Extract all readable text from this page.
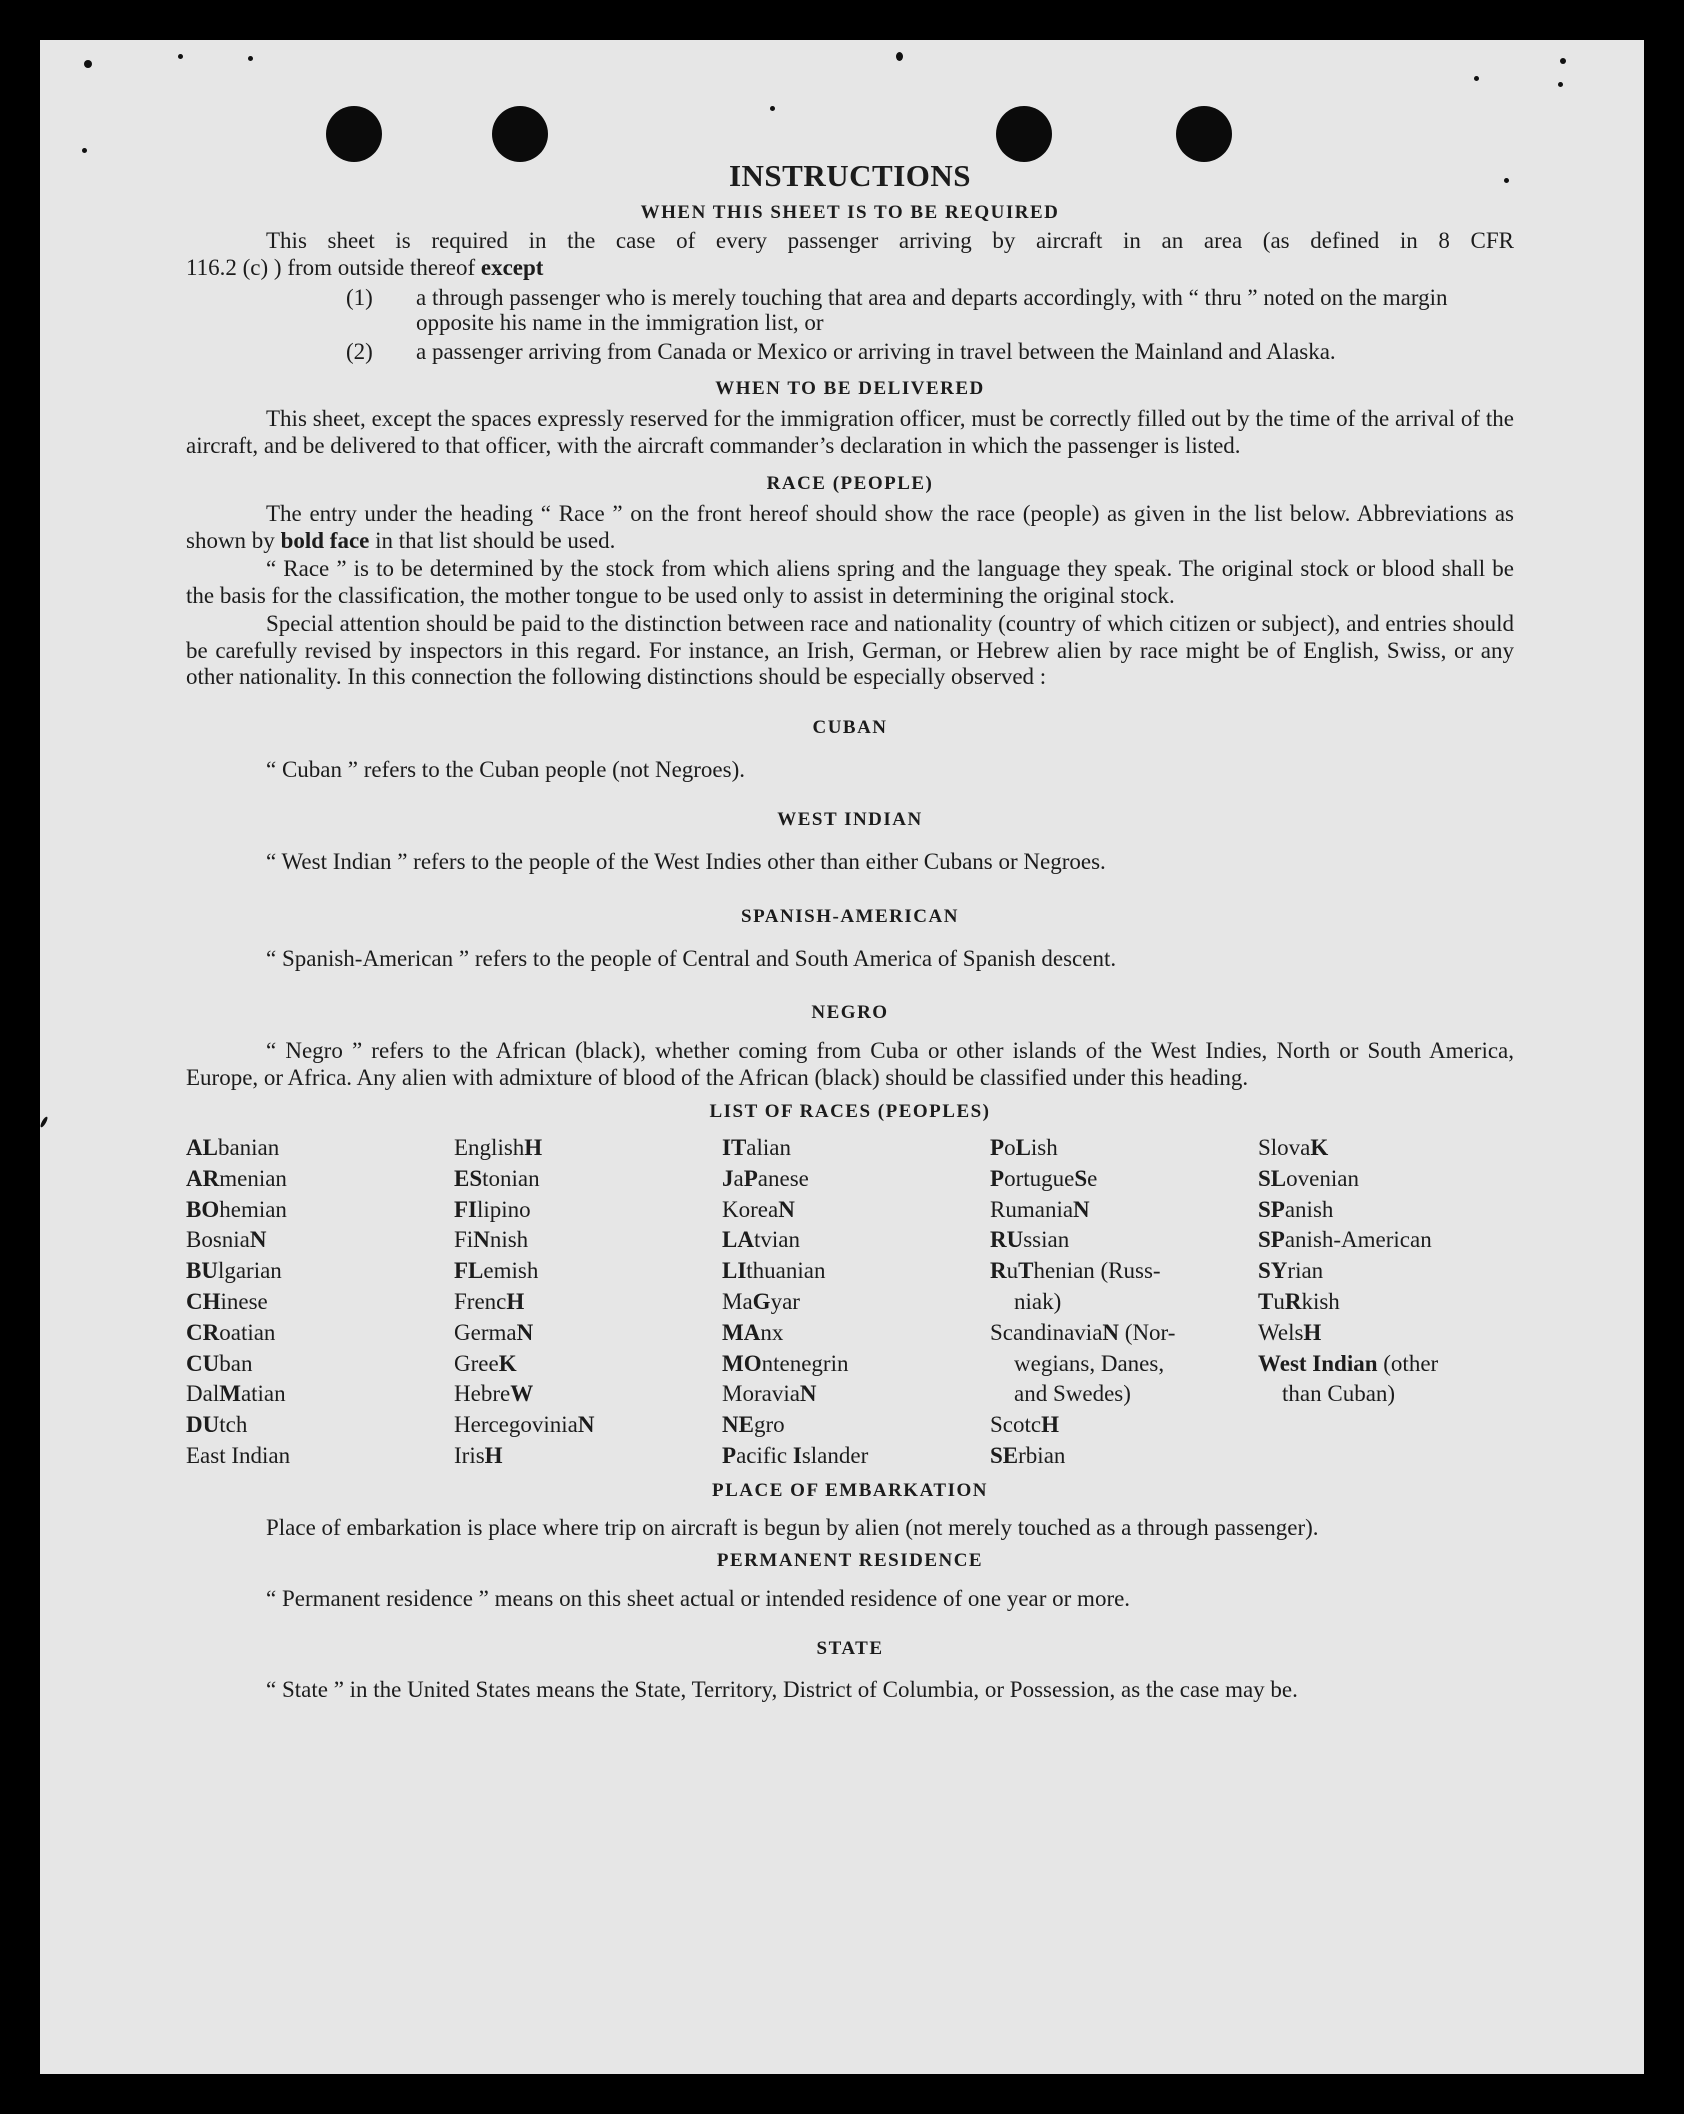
INSTRUCTIONS
WHEN THIS SHEET IS TO BE REQUIRED

This sheet is required in the case of every passenger arriving by aircraft in an area (as defined in 8 CFR

116.2 (c) ) from outside thereof except

(1) a through passenger who is merely touching that area and departs accordingly, with “ thru ” noted on the margin opposite his name in the immigration list, or
(2) a passenger arriving from Canada or Mexico or arriving in travel between the Mainland and Alaska.
WHEN TO BE DELIVERED

This sheet, except the spaces expressly reserved for the immigration officer, must be correctly filled out by the time of the arrival of the aircraft, and be delivered to that officer, with the aircraft commander’s declaration in which the passenger is listed.

RACE (PEOPLE)

The entry under the heading “ Race ” on the front hereof should show the race (people) as given in the list below. Abbreviations as shown by bold face in that list should be used.

“ Race ” is to be determined by the stock from which aliens spring and the language they speak. The original stock or blood shall be the basis for the classification, the mother tongue to be used only to assist in determining the original stock.

Special attention should be paid to the distinction between race and nationality (country of which citizen or subject), and entries should be carefully revised by inspectors in this regard. For instance, an Irish, German, or Hebrew alien by race might be of English, Swiss, or any other nationality. In this connection the following distinctions should be especially observed :

CUBAN

“ Cuban ” refers to the Cuban people (not Negroes).

WEST INDIAN

“ West Indian ” refers to the people of the West Indies other than either Cubans or Negroes.

SPANISH-AMERICAN

“ Spanish-American ” refers to the people of Central and South America of Spanish descent.

NEGRO

“ Negro ” refers to the African (black), whether coming from Cuba or other islands of the West Indies, North or South America, Europe, or Africa. Any alien with admixture of blood of the African (black) should be classified under this heading.

LIST OF RACES (PEOPLES)
ALbanian
ARmenian
BOhemian
BosniaN
BUlgarian
CHinese
CRoatian
CUban
DalMatian
DUtch
East Indian
EnglishH
EStonian
FIlipino
FiNnish
FLemish
FrencH
GermaN
GreeK
HebreW
HercegoviniaN
IrisH
ITalian
JaPanese
KoreaN
LAtvian
LIthuanian
MaGyar
MAnx
MOntenegrin
MoraviaN
NEgro
Pacific Islander
PoLish
PortugueSe
RumaniaN
RUssian
RuThenian (Russ-
niak)
ScandinaviaN (Nor-
wegians, Danes,
and Swedes)
ScotcH
SErbian
SlovaK
SLovenian
SPanish
SPanish-American
SYrian
TuRkish
WelsH
West Indian (other
than Cuban)
PLACE OF EMBARKATION

Place of embarkation is place where trip on aircraft is begun by alien (not merely touched as a through passenger).

PERMANENT RESIDENCE

“ Permanent residence ” means on this sheet actual or intended residence of one year or more.

STATE

“ State ” in the United States means the State, Territory, District of Columbia, or Possession, as the case may be.
